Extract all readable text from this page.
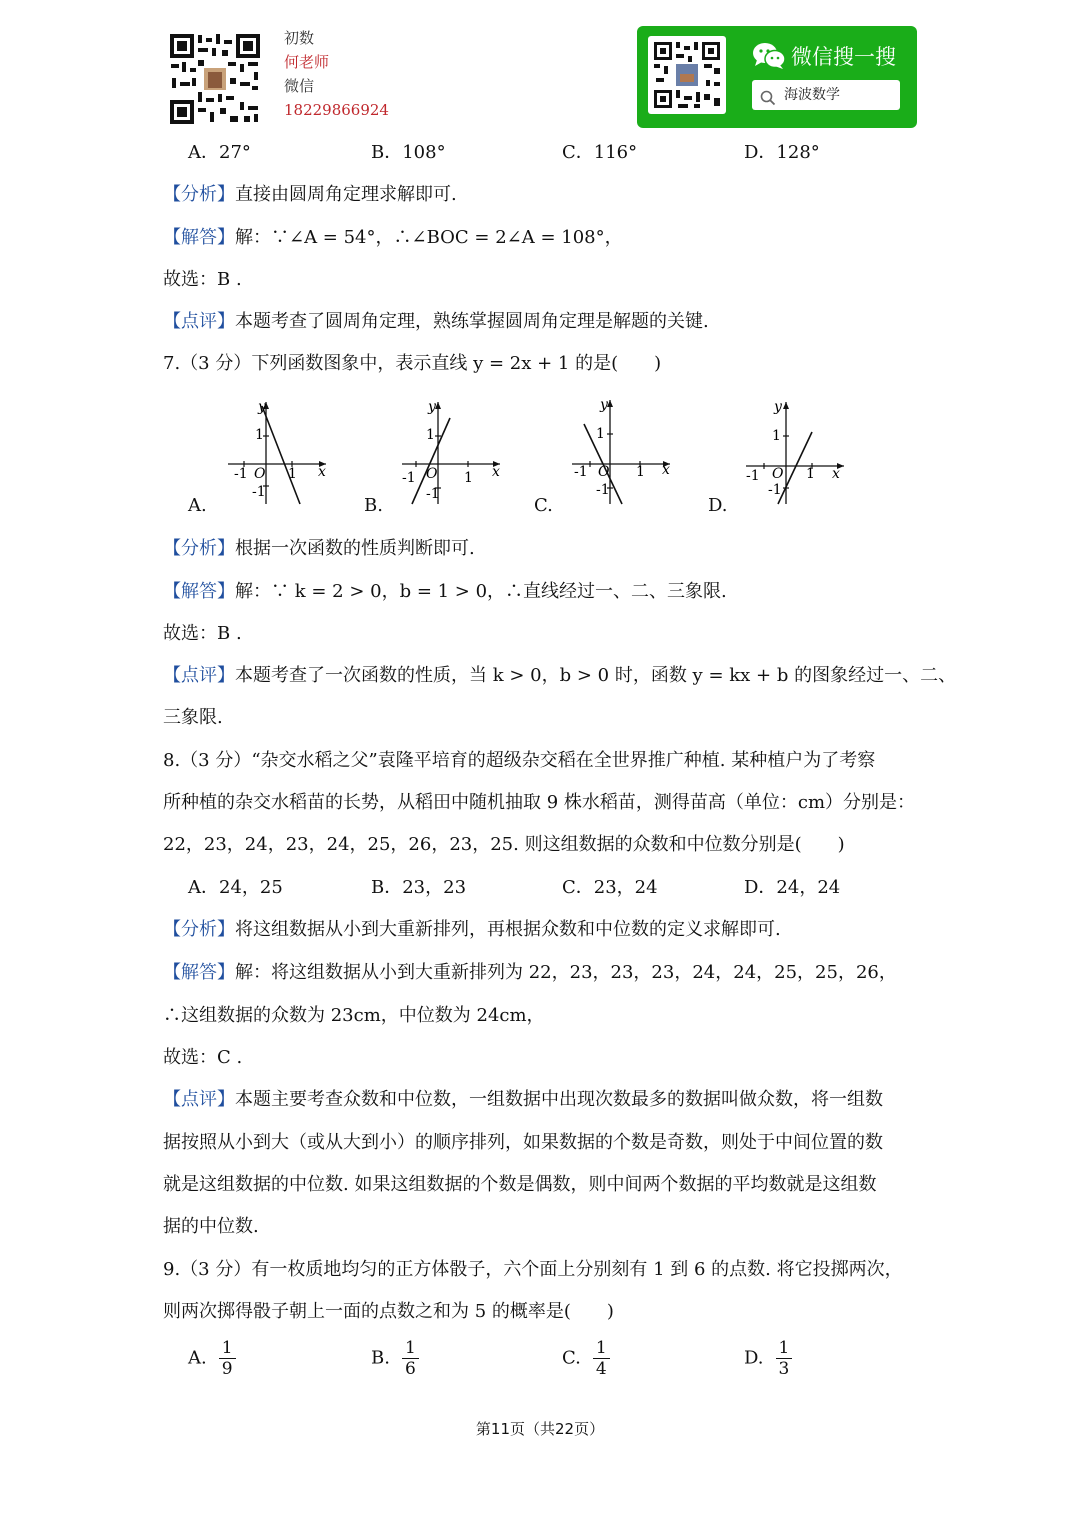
初数
何老师
微信
18229866924
微信搜一搜
海波数学
A．27°	B．108°	C．116°	D．128°
【分析】直接由圆周角定理求解即可.
【解答】解：∵∠A = 54°，∴∠BOC = 2∠A = 108°，
故选：B .
【点评】本题考查了圆周角定理，熟练掌握圆周角定理是解题的关键.
7.（3 分）下列函数图象中，表示直线 y = 2x + 1 的是(　　)
y
x
1
-1 O 1
-1
A.
y
x
1
-1 O 1
-1
B.
y
x
1
-1 O 1
-1
C.
y
x
1
-1 O 1
-1
D.
【分析】根据一次函数的性质判断即可.
【解答】解：∵ k = 2 > 0，b = 1 > 0，∴直线经过一、二、三象限.
故选：B .
【点评】本题考查了一次函数的性质，当 k > 0，b > 0 时，函数 y = kx + b 的图象经过一、二、
三象限.
8.（3 分）“杂交水稻之父”袁隆平培育的超级杂交稻在全世界推广种植. 某种植户为了考察
所种植的杂交水稻苗的长势，从稻田中随机抽取 9 株水稻苗，测得苗高（单位：cm）分别是：
22，23，24，23，24，25，26，23，25. 则这组数据的众数和中位数分别是(　　)
A．24，25	B．23，23	C．23，24	D．24，24
【分析】将这组数据从小到大重新排列，再根据众数和中位数的定义求解即可.
【解答】解：将这组数据从小到大重新排列为 22，23，23，23，24，24，25，25，26，
∴这组数据的众数为 23cm，中位数为 24cm，
故选：C .
【点评】本题主要考查众数和中位数，一组数据中出现次数最多的数据叫做众数，将一组数
据按照从小到大（或从大到小）的顺序排列，如果数据的个数是奇数，则处于中间位置的数
就是这组数据的中位数. 如果这组数据的个数是偶数，则中间两个数据的平均数就是这组数
据的中位数.
9.（3 分）有一枚质地均匀的正方体骰子，六个面上分别刻有 1 到 6 的点数. 将它投掷两次，
则两次掷得骰子朝上一面的点数之和为 5 的概率是(　　)
A. $\frac{1}{9}$	B. $\frac{1}{6}$	C. $\frac{1}{4}$	D. $\frac{1}{3}$
第11页（共22页）
